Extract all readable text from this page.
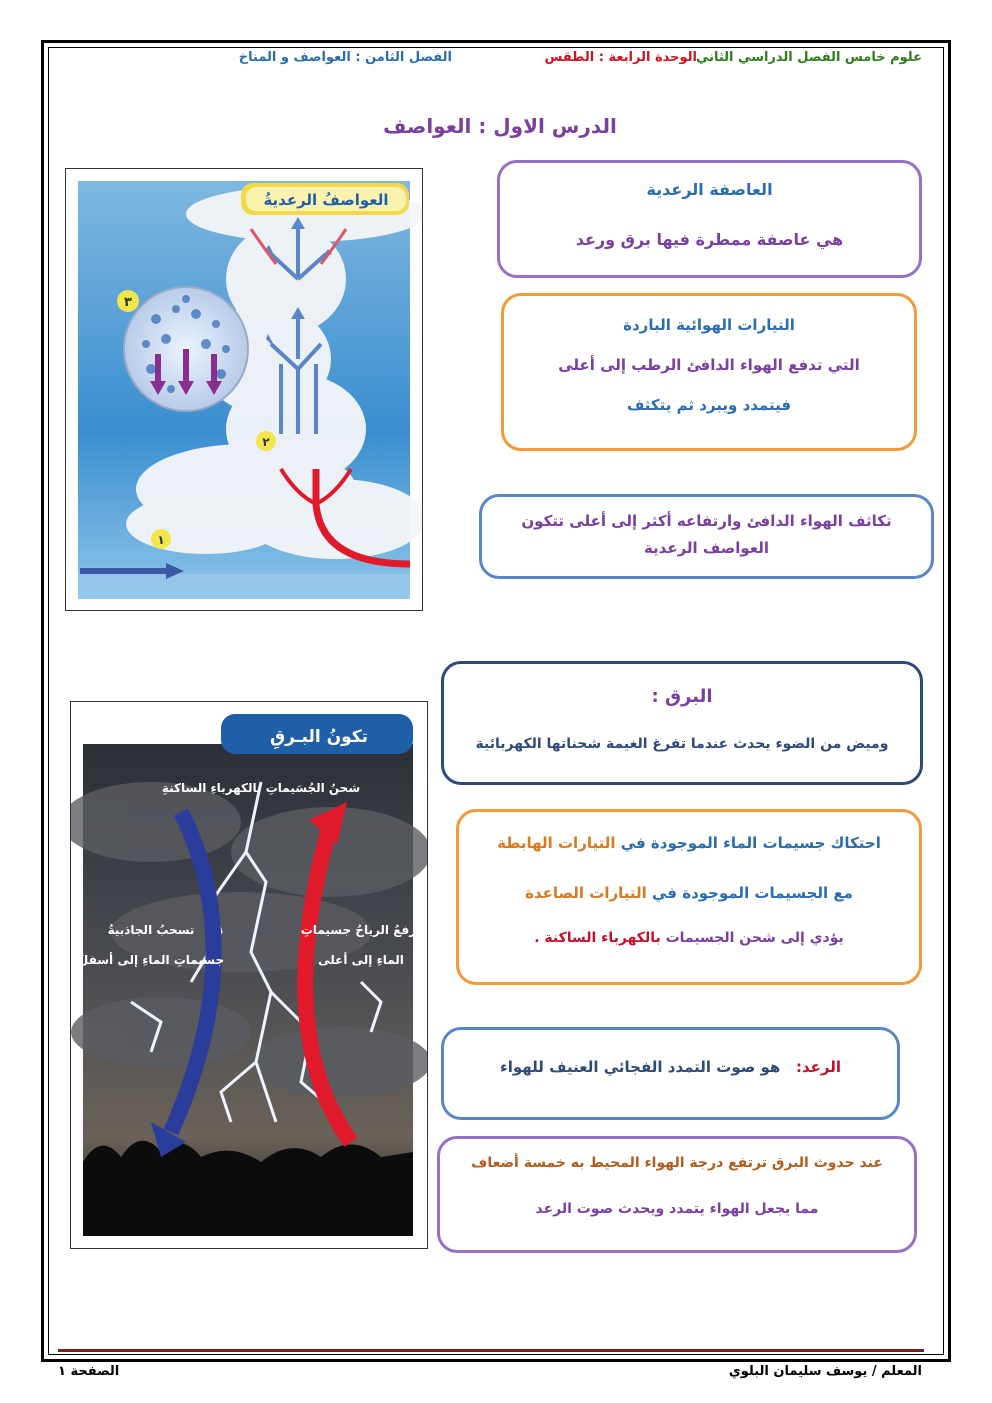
علوم خامس الفصل الدراسي الثاني
الوحدة الرابعة : الطقس
الفصل الثامن : العواصف و المناخ
الدرس الاول : العواصف
٣
٢
١
العواصفُ الرعديةُ

العاصفة الرعدية

هي عاصفة ممطرة فيها برق ورعد

التيارات الهوائية الباردة

التي تدفع الهواء الدافئ الرطب إلى أعلى

فيتمدد ويبرد ثم يتكثف

تكاثف الهواء الدافئ وارتفاعه أكثر إلى أعلى تتكون

العواصف الرعدية

تكونُ البـرقِ
شحنُ الجُسَيماتِ بالكهرباءِ الساكنةِ
ترفعُ الرياحُ جسيماتِ
الماءِ إلى أعلى
تسحبُ الجاذبيةُ
جسيماتِ الماءِ إلى أسفلَ

البرق :

وميض من الضوء يحدث عندما تفرغ الغيمة شحناتها الكهربائية

احتكاك جسيمات الماء الموجودة في التيارات الهابطة

مع الجسيمات الموجودة في التيارات الصاعدة

يؤدي إلى شحن الجسيمات بالكهرباء الساكنة .

الرعد:   هو صوت التمدد الفجائي العنيف للهواء

عند حدوث البرق ترتفع درجة الهواء المحيط به خمسة أضعاف

مما يجعل الهواء يتمدد ويحدث صوت الرعد

المعلم / يوسف سليمان البلوي
الصفحة ١
